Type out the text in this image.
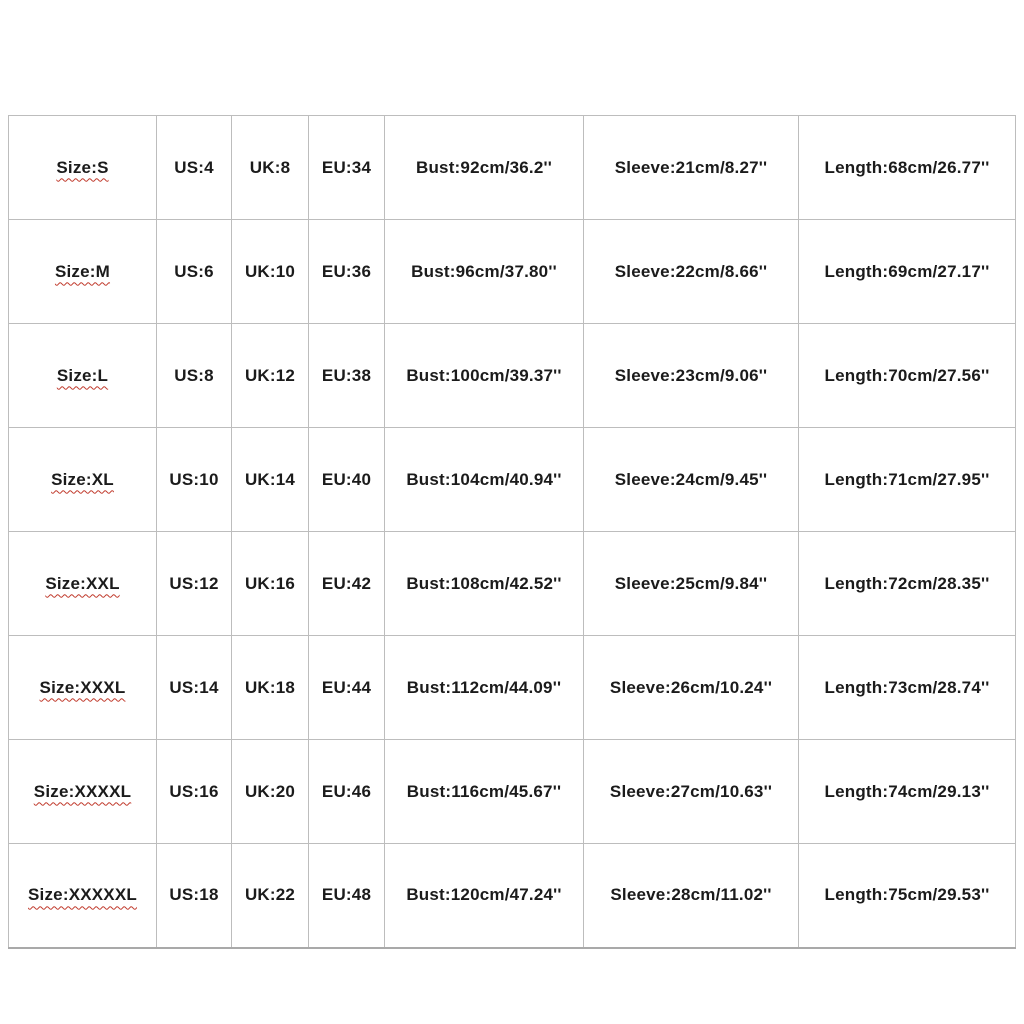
Size:S	US:4	UK:8	EU:34	Bust:92cm/36.2''	Sleeve:21cm/8.27''	Length:68cm/26.77''
Size:M	US:6	UK:10	EU:36	Bust:96cm/37.80''	Sleeve:22cm/8.66''	Length:69cm/27.17''
Size:L	US:8	UK:12	EU:38	Bust:100cm/39.37''	Sleeve:23cm/9.06''	Length:70cm/27.56''
Size:XL	US:10	UK:14	EU:40	Bust:104cm/40.94''	Sleeve:24cm/9.45''	Length:71cm/27.95''
Size:XXL	US:12	UK:16	EU:42	Bust:108cm/42.52''	Sleeve:25cm/9.84''	Length:72cm/28.35''
Size:XXXL	US:14	UK:18	EU:44	Bust:112cm/44.09''	Sleeve:26cm/10.24''	Length:73cm/28.74''
Size:XXXXL	US:16	UK:20	EU:46	Bust:116cm/45.67''	Sleeve:27cm/10.63''	Length:74cm/29.13''
Size:XXXXXL	US:18	UK:22	EU:48	Bust:120cm/47.24''	Sleeve:28cm/11.02''	Length:75cm/29.53''
